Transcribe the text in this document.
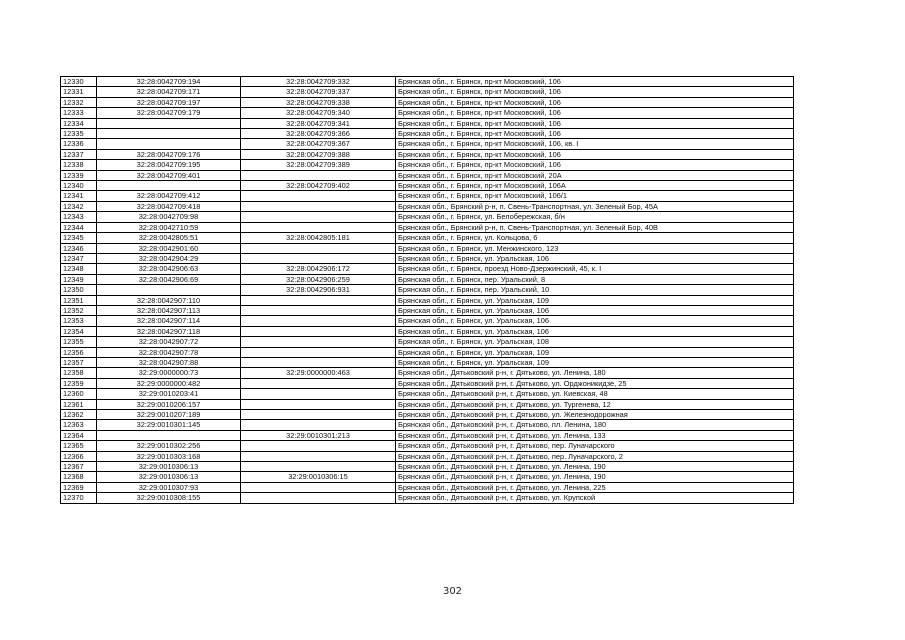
12330	32:28:0042709:194	32:28:0042709:332	Брянская обл., г. Брянск, пр-кт Московский, 106
12331	32:28:0042709:171	32:28:0042709:337	Брянская обл., г. Брянск, пр-кт Московский, 106
12332	32:28:0042709:197	32:28:0042709:338	Брянская обл., г. Брянск, пр-кт Московский, 106
12333	32:28:0042709:179	32:28:0042709:340	Брянская обл., г. Брянск, пр-кт Московский, 106
12334		32:28:0042709:341	Брянская обл., г. Брянск, пр-кт Московский, 106
12335		32:28:0042709:366	Брянская обл., г. Брянск, пр-кт Московский, 106
12336		32:28:0042709:367	Брянская обл., г. Брянск, пр-кт Московский, 106, кв. I
12337	32:28:0042709:176	32:28:0042709:388	Брянская обл., г. Брянск, пр-кт Московский, 106
12338	32:28:0042709:195	32:28:0042709:389	Брянская обл., г. Брянск, пр-кт Московский, 106
12339	32:28:0042709:401		Брянская обл., г. Брянск, пр-кт Московский, 20А
12340		32:28:0042709:402	Брянская обл., г. Брянск, пр-кт Московский, 106А
12341	32:28:0042709:412		Брянская обл., г. Брянск, пр-кт Московский, 106/1
12342	32:28:0042709:418		Брянская обл., Брянский р-н, п. Свень-Транспортная, ул. Зеленый Бор, 45А
12343	32:28:0042709:98		Брянская обл., г. Брянск, ул. Белобережская, б/н
12344	32:28:0042710:59		Брянская обл., Брянский р-н, п. Свень-Транспортная, ул. Зеленый Бор, 40В
12345	32:28:0042805:51	32:28:0042805:181	Брянская обл., г. Брянск, ул. Кольцова, 6
12346	32:28:0042901:60		Брянская обл., г. Брянск, ул. Менжинского, 123
12347	32:28:0042904:29		Брянская обл., г. Брянск, ул. Уральская, 106
12348	32:28:0042906:63	32:28:0042906:172	Брянская обл., г. Брянск, проезд Ново-Дзержинский, 45, к. I
12349	32:28:0042906:69	32:28:0042906:259	Брянская обл., г. Брянск, пер. Уральский, 8
12350		32:28:0042906:931	Брянская обл., г. Брянск, пер. Уральский, 10
12351	32:28:0042907:110		Брянская обл., г. Брянск, ул. Уральская, 109
12352	32:28:0042907:113		Брянская обл., г. Брянск, ул. Уральская, 106
12353	32:28:0042907:114		Брянская обл., г. Брянск, ул. Уральская, 106
12354	32:28:0042907:118		Брянская обл., г. Брянск, ул. Уральская, 106
12355	32:28:0042907:72		Брянская обл., г. Брянск, ул. Уральская, 108
12356	32:28:0042907:78		Брянская обл., г. Брянск, ул. Уральская, 109
12357	32:28:0042907:88		Брянская обл., г. Брянск, ул. Уральская, 109
12358	32:29:0000000:73	32:29:0000000:463	Брянская обл., Дятьковский р-н, г. Дятьково, ул. Ленина, 180
12359	32:29:0000000:482		Брянская обл., Дятьковский р-н, г. Дятьково, ул. Орджоникидзе, 25
12360	32:29:0010203:41		Брянская обл., Дятьковский р-н, г. Дятьково, ул. Киевская, 48
12361	32:29:0010206:157		Брянская обл., Дятьковский р-н, г. Дятьково, ул. Тургенева, 12
12362	32:29:0010207:189		Брянская обл., Дятьковский р-н, г. Дятьково, ул. Железнодорожная
12363	32:29:0010301:145		Брянская обл., Дятьковский р-н, г. Дятьково, пл. Ленина, 180
12364		32:29:0010301:213	Брянская обл., Дятьковский р-н, г. Дятьково, ул. Ленина, 133
12365	32:29:0010302:256		Брянская обл., Дятьковский р-н, г. Дятьково, пер. Луначарского
12366	32:29:0010303:168		Брянская обл., Дятьковский р-н, г. Дятьково, пер. Луначарского, 2
12367	32:29:0010306:13		Брянская обл., Дятьковский р-н, г. Дятьково, ул. Ленина, 190
12368	32:29:0010306:13	32:29:0010306:15	Брянская обл., Дятьковский р-н, г. Дятьково, ул. Ленина, 190
12369	32:29:0010307:93		Брянская обл., Дятьковский р-н, г. Дятьково, ул. Ленина, 225
12370	32:29:0010308:155		Брянская обл., Дятьковский р-н, г. Дятьково, ул. Крупской
302
